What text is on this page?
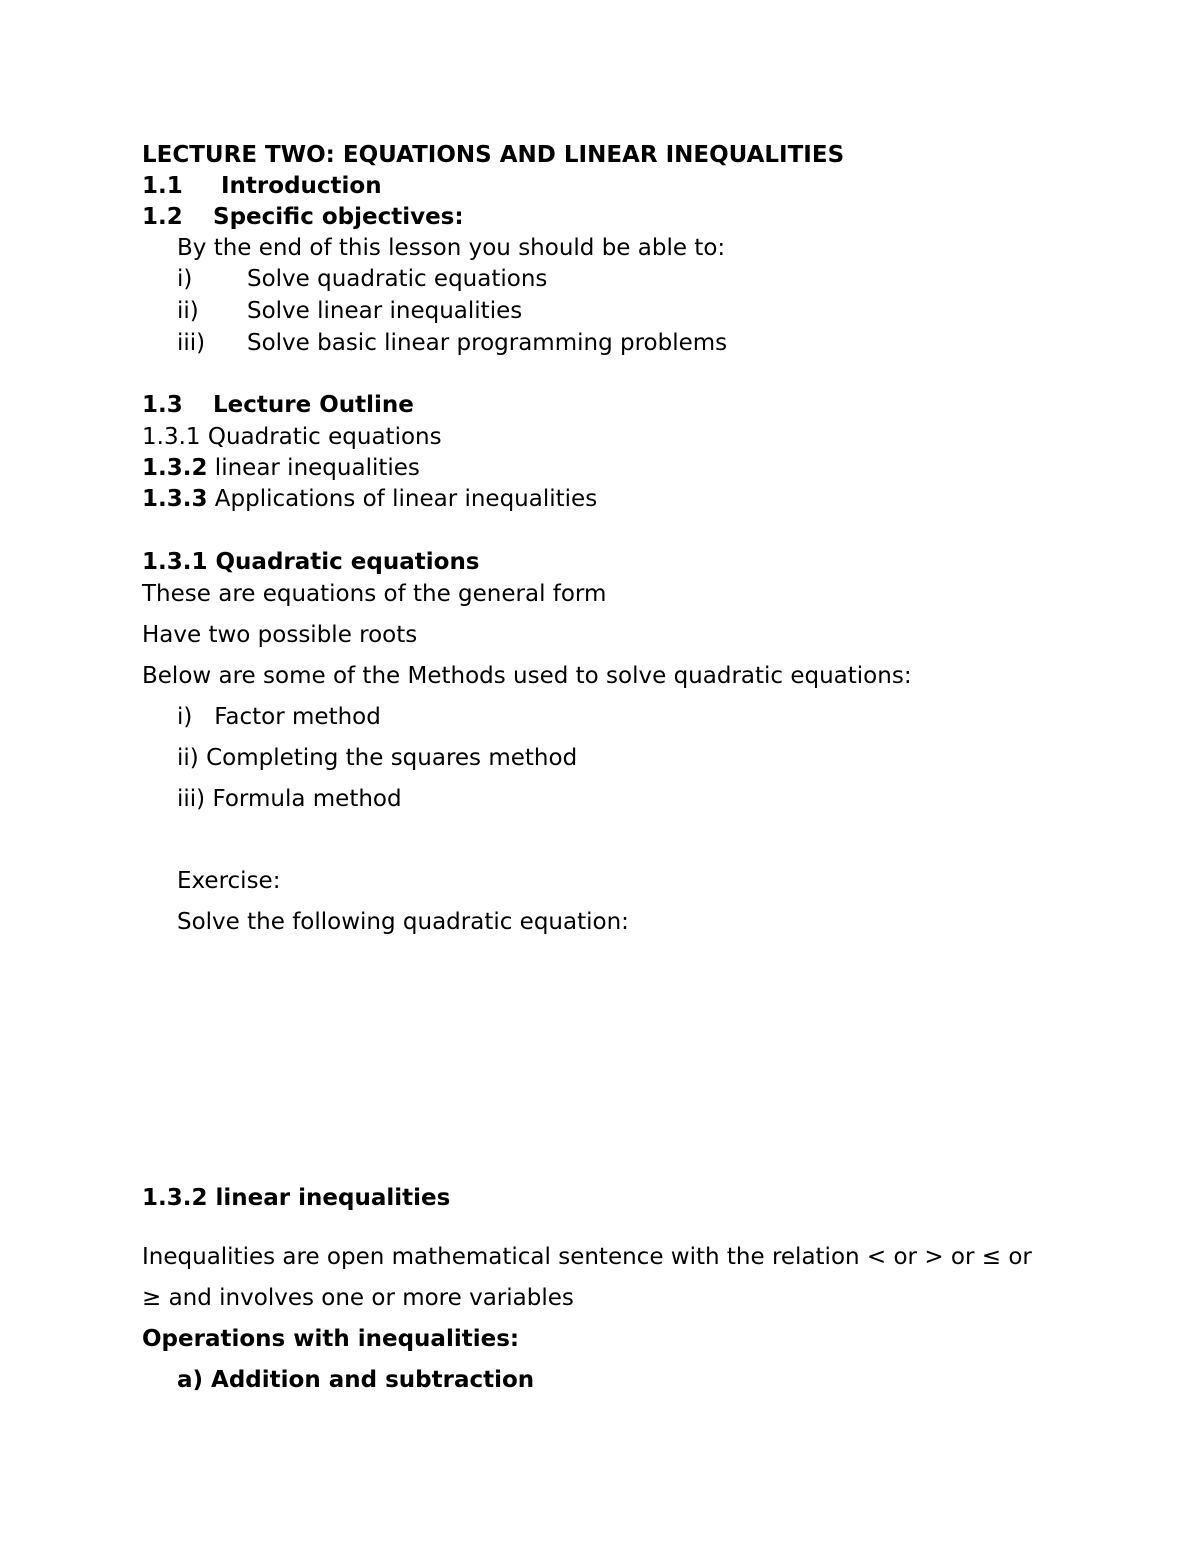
LECTURE TWO: EQUATIONS AND LINEAR INEQUALITIES
1.1 Introduction
1.2 Specific objectives:
By the end of this lesson you should be able to:
i) Solve quadratic equations
ii) Solve linear inequalities
iii) Solve basic linear programming problems
1.3 Lecture Outline
1.3.1 Quadratic equations
1.3.2 linear inequalities
1.3.3 Applications of linear inequalities
1.3.1 Quadratic equations
These are equations of the general form
Have two possible roots
Below are some of the Methods used to solve quadratic equations:
i)   Factor method
ii) Completing the squares method
iii) Formula method
Exercise:
Solve the following quadratic equation:
1.3.2 linear inequalities
Inequalities are open mathematical sentence with the relation < or > or ≤ or
≥ and involves one or more variables
Operations with inequalities:
a) Addition and subtraction
